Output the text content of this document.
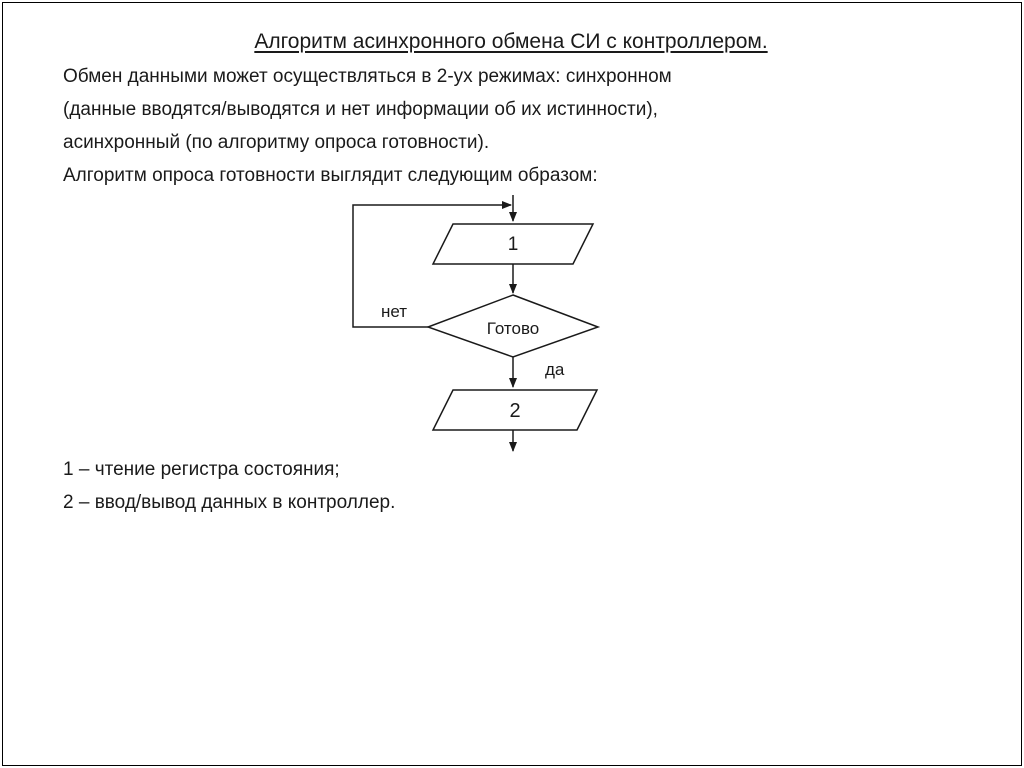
Алгоритм асинхронного обмена СИ с контроллером.
Обмен данными может осуществляться в 2-ух режимах: синхронном
(данные вводятся/выводятся и нет информации об их истинности),
асинхронный (по алгоритму опроса готовности).
Алгоритм опроса готовности выглядит следующим образом:
1
Готово
нет
да
2
1 – чтение регистра состояния;
2 – ввод/вывод данных в контроллер.
